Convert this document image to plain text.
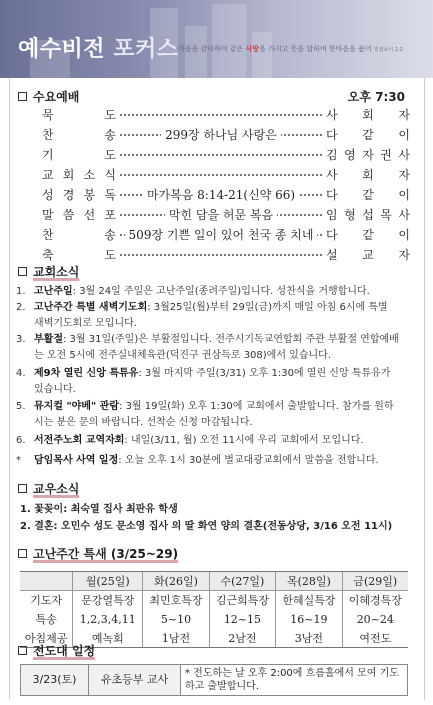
예수비전 포커스 마음을 같이하여 같은 사랑을 가지고 뜻을 합하며 한마음을 품어 빌립보서 2:2
수요예배	오후 7:30
묵	도	사 회 자
찬	송	299장 하나님 사랑은	다 같 이
기	도	김 영 자 권 사
교 회 소 식	사 회 자
성 경 봉 독	마가복음 8:14-21(신약 66)	다 같 이
말 씀 선 포	막힌 담을 허문 복음	임 형 섭 목 사
찬	송	509장 기쁜 일이 있어 천국 종 치네	다 같 이
축	도	설 교 자
교회소식
1. 고난주일: 3월 24일 주일은 고난주일(종려주일)입니다. 성찬식을 거행합니다.
2. 고난주간 특별 새벽기도회: 3월25일(월)부터 29일(금)까지 매일 아침 6시에 특별
새벽기도회로 모입니다.
3. 부활절: 3월 31일(주일)은 부활절입니다. 전주시기독교연합회 주관 부활절 연합예배
는 오전 5시에 전주실내체육관(덕진구 권삼득로 308)에서 있습니다.
4. 제9차 열린 신앙 특튜유: 3월 마지막 주일(3/31) 오후 1:30에 열린 신앙 특튜유가
있습니다.
5. 뮤지컬 "야베" 관람: 3월 19일(화) 오후 1:30에 교회에서 출발합니다. 참가를 원하
시는 분은 문의 바랍니다. 선착순 신청 마감됩니다.
6. 서전주노회 교역자회: 내일(3/11, 월) 오전 11시에 우리 교회에서 모입니다.
* 담임목사 사역 일정: 오늘 오후 1시 30분에 벌교대광교회에서 말씀을 전합니다.
교우소식
1. 꽃꽂이: 최숙열 집사 최판유 학생
2. 결혼: 오민수 성도 문소영 집사 의 딸 화연 양의 결혼(전동상당, 3/16 오전 11시)
고난주간 특새 (3/25~29)
	월(25일)	화(26일)	수(27일)	목(28일)	금(29일)
기도자	문강열특장	최민호특장	김근희특장	한혜실특장	이혜경특장
특송	1,2,3,4,11	5~10	12~15	16~19	20~24
아침제공	예녹회	1남전	2남전	3남전	여전도
전도대 일정
3/23(토)	유초등부 교사	* 전도하는 날 오후 2:00에 흐름홀에서 모여 기도하고 출발합니다.
